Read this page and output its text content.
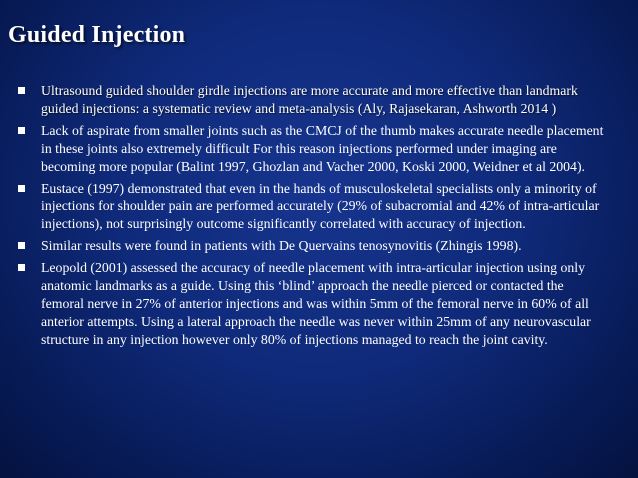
Guided Injection
Ultrasound guided shoulder girdle injections are more accurate and more effective than landmark guided injections: a systematic review and meta-analysis (Aly, Rajasekaran, Ashworth 2014 )
Lack of aspirate from smaller joints such as the CMCJ of the thumb makes accurate needle placement in these joints also extremely difficult For this reason injections performed under imaging are becoming more popular (Balint 1997, Ghozlan and Vacher 2000, Koski 2000, Weidner et al 2004).
Eustace (1997) demonstrated that even in the hands of musculoskeletal specialists only a minority of injections for shoulder pain are performed accurately (29% of subacromial and 42% of intra-articular injections), not surprisingly outcome significantly correlated with accuracy of injection.
Similar results were found in patients with De Quervains tenosynovitis (Zhingis 1998).
Leopold (2001) assessed the accuracy of needle placement with intra-articular injection using only anatomic landmarks as a guide. Using this ‘blind’ approach the needle pierced or contacted the femoral nerve in 27% of anterior injections and was within 5mm of the femoral nerve in 60% of all anterior attempts. Using a lateral approach the needle was never within 25mm of any neurovascular structure in any injection however only 80% of injections managed to reach the joint cavity.
